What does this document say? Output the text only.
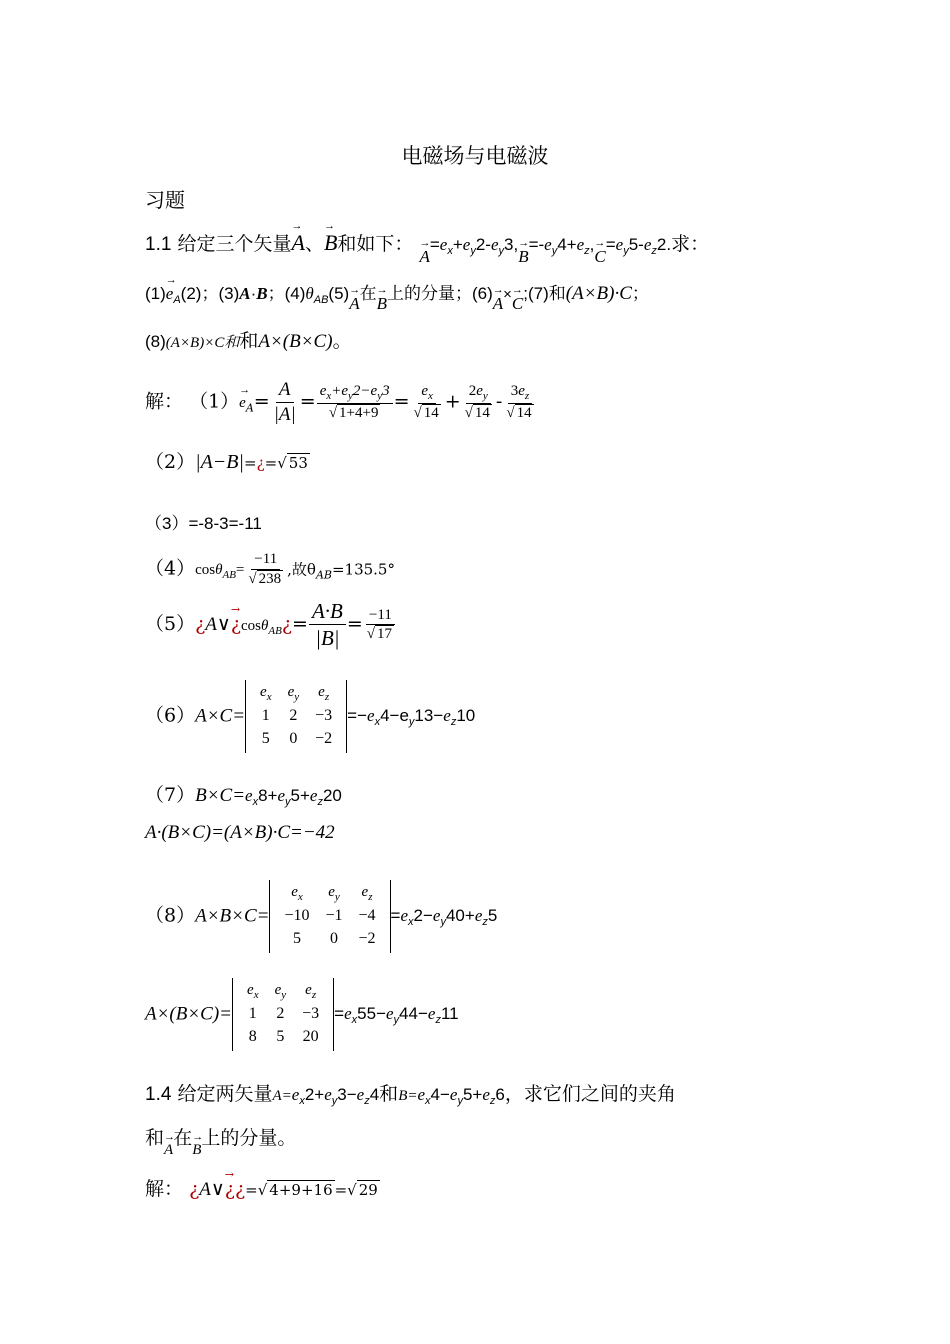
电磁场与电磁波
习题
1.1 给定三个矢量→ A、→ B和如下： → $A=e_x+e_y2-e_y3,\to B=-e_y4+e_z,\to C=e_y5-e_z2$.求：
$(1)\to e_A(2)$；(3)A·B；$(4)\theta_{AB}(5)\to A$在→ B上的分量；(6)→ A×→ C;(7)和(A×B)·C；
(8)(A×B)×C和和A×(B×C)。
解： $(1)\to e_A= \frac{A}{|A|} = \frac{e_x+e_y2-e_y3}{√ 1+4+9} = \frac{e_x}{√ 14} + \frac{2e_y}{√ 14} - \frac{3e_z}{√ 14}$
（2）|A−B|=¿=√ 53
（3）=-8-3=-11
$(4)\cos\theta_{AB}= \frac{-11}{√ 238}$ ,故$\theta_{AB}=135.5^\circ$
（5）¿A∨→ ¿cosθ$_{AB}$¿= $\frac{A\cdot B}{|B|} = \frac{-11}{√ 17}$
（6）A×C=
$e_x$	$e_y$	$e_z$
1	2	−3
5	0	−2
$=-e_x4-e_y13-e_z10$
$(7)B\times C=e_x8+e_y5+e_z20$
A·(B×C)=(A×B)·C=−42
（8）A×B×C=
$e_x$	$e_y$	$e_z$
−10	−1	−4
5	0	−2
$=e_x2-e_y40+e_z5$
A×(B×C)=
$e_x$	$e_y$	$e_z$
1	2	−3
8	5	20
$=e_x55-e_y44-e_z11$
1.4 给定两矢量$A=e_x2+e_y3-e_z4$和$B=e_x4-e_y5+e_z6$，求它们之间的夹角
和→ A在→ B上的分量。
解： ¿A∨→ ¿¿=√ 4+9+16 =√ 29
